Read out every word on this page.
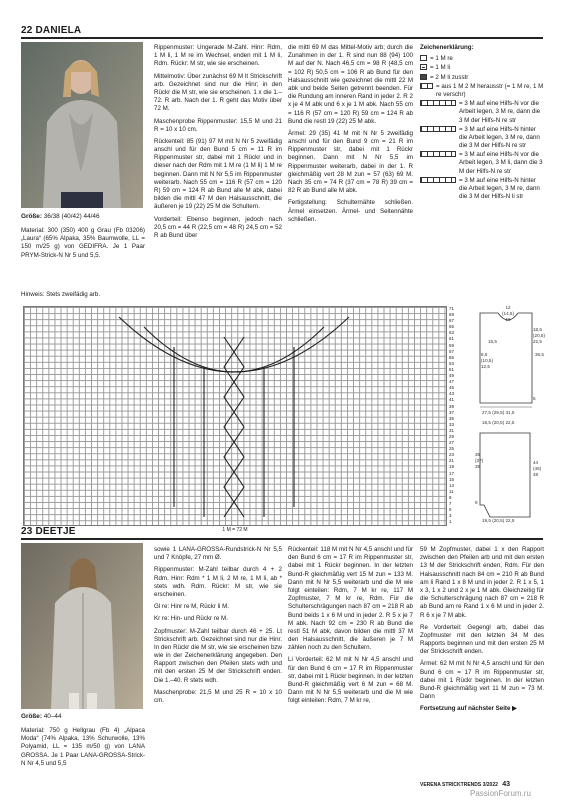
22 DANIELA
Größe: 36/38 (40/42) 44/46

Material: 300 (350) 400 g Grau (Fb 03206) „Laura“ (65% Alpaka, 35% Baumwolle, LL = 150 m/25 g) von GEDIFRA. Je 1 Paar PRYM-Strick-N Nr 5 und 5,5.

Hinweis: Stets zweifädig arb.

Rippenmuster: Ungerade M-Zahl. Hinr: Rdm, 1 M li, 1 M re im Wechsel, enden mit 1 M li, Rdm. Rückr: M str, wie sie erscheinen.

Mittelmotiv: Über zunächst 69 M lt Strickschrift arb. Gezeichnet sind nur die Hinr; in den Rückr die M str, wie sie erscheinen. 1 x die 1.–72. R arb. Nach der 1. R geht das Motiv über 72 M.

Maschenprobe Rippenmuster: 15,5 M und 21 R = 10 x 10 cm.

Rückenteil: 85 (91) 97 M mit N Nr 5 zweifädig anschl und für den Bund 5 cm = 11 R im Rippenmuster str, dabei mit 1 Rückr und in dieser nach der Rdm mit 1 M re (1 M li) 1 M re beginnen. Dann mit N Nr 5,5 im Rippenmuster weiterarb. Nach 55 cm = 116 R (57 cm = 120 R) 59 cm = 124 R ab Bund alle M abk, dabei bilden die mittl 47 M den Halsausschnitt, die äußeren je 19 (22) 25 M die Schultern.

Vorderteil: Ebenso beginnen, jedoch nach 20,5 cm = 44 R (22,5 cm = 48 R) 24,5 cm = 52 R ab Bund über

die mittl 69 M das Mittel-Motiv arb; durch die Zunahmen in der 1. R sind nun 88 (94) 100 M auf der N. Nach 46,5 cm = 98 R (48,5 cm = 102 R) 50,5 cm = 106 R ab Bund für den Halsausschnitt wie gezeichnet die mittl 22 M abk und beide Seiten getrennt beenden. Für die Rundung am inneren Rand in jeder 2. R 2 x je 4 M abk und 6 x je 1 M abk. Nach 55 cm = 116 R (57 cm = 120 R) 59 cm = 124 R ab Bund die restl 19 (22) 25 M abk.

Ärmel: 29 (35) 41 M mit N Nr 5 zweifädig anschl und für den Bund 9 cm = 21 R im Rippenmuster str, dabei mit 1 Rückr beginnen. Dann mit N Nr 5,5 im Rippenmuster weiterarb, dabei in der 1. R gleichmäßig vert 28 M zun = 57 (63) 69 M. Nach 35 cm = 74 R (37 cm = 78 R) 39 cm = 82 R ab Bund alle M abk.

Fertigstellung: Schulternähte schließen. Ärmel einsetzen. Ärmel- und Seitennähte schließen.

Zeichenerklärung:
= 1 M re
= 1 M li
= 2 M li zusstr
= aus 1 M 2 M herausstr (= 1 M re, 1 M re verschr)
= 3 M auf eine Hilfs-N vor die Arbeit legen, 3 M re, dann die 3 M der Hilfs-N re str
= 3 M auf eine Hilfs-N hinter die Arbeit legen, 3 M re, dann die 3 M der Hilfs-N re str
= 3 M auf eine Hilfs-N vor die Arbeit legen, 3 M li, dann die 3 M der Hilfs-N re str
= 3 M auf eine Hilfs-N hinter die Arbeit legen, 3 M re, dann die 3 M der Hilfs-N li str
71
69
67
65
63
61
59
57
55
53
51
49
47
45
43
41
39
37
35
33
31
29
27
25
23
21
19
17
15
13
11
9
7
5
3
1
1 M = 72 M
12
(14,5)
16
15,5
18,5
(20,5)
22,5
36,5
8,5
(10,5)
12,5
5
27,5 (29,5) 31,5
18,5 (20,5) 22,5
35
(37)
39
44
(46)
48
9
19,5 (20,5) 22,5
23 DEETJE
Größe: 40–44
Material: 750 g Hellgrau (Fb 4) „Alpaca Moda“ (74% Alpaka, 13% Schurwolle, 13% Polyamid, LL = 135 m/50 g) von LANA GROSSA. Je 1 Paar LANA-GROSSA-Strick-N Nr 4,5 und 5,5

sowie 1 LANA-GROSSA-Rundstrick-N Nr 5,5 und 7 Knöpfe, 27 mm Ø.

Rippenmuster: M-Zahl teilbar durch 4 + 2 Rdm. Hinr: Rdm * 1 M li, 2 M re, 1 M li, ab * stets wdh. Rdm. Rückr: M str, wie sie erscheinen.

Gl re: Hinr re M, Rückr li M.

Kr re: Hin- und Rückr re M.

Zopfmuster: M-Zahl teilbar durch 46 + 25. Lt Strickschrift arb. Gezeichnet sind nur die Hinr. In den Rückr die M str, wie sie erscheinen bzw wie in der Zeichenerklärung angegeben. Den Rapport zwischen den Pfeilen stets wdh und mit den ersten 25 M der Strickschrift enden. Die 1.–40. R stets wdh.

Maschenprobe: 21,5 M und 25 R = 10 x 10 cm.

Rückenteil: 118 M mit N Nr 4,5 anschl und für den Bund 6 cm = 17 R im Rippenmuster str, dabei mit 1 Rückr beginnen. In der letzten Bund-R gleichmäßig vert 15 M zun = 133 M. Dann mit N Nr 5,5 weiterarb und die M wie folgt einteilen: Rdm, 7 M kr re, 117 M Zopfmuster, 7 M kr re, Rdm. Für die Schulterschrägungen nach 87 cm = 218 R ab Bund beids 1 x 6 M und in jeder 2. R 5 x je 7 M abk. Nach 92 cm = 230 R ab Bund die restl 51 M abk, davon bilden die mittl 37 M den Halsausschnitt, die äußeren je 7 M zählen noch zu den Schultern.

Li Vorderteil: 62 M mit N Nr 4,5 anschl und für den Bund 6 cm = 17 R im Rippenmuster str, dabei mit 1 Rückr beginnen. In der letzten Bund-R gleichmäßig vert 6 M zun = 68 M. Dann mit N Nr 5,5 weiterarb und die M wie folgt einteilen: Rdm, 7 M kr re,

59 M Zopfmuster, dabei 1 x den Rapport zwischen den Pfeilen arb und mit den ersten 13 M der Strickschrift enden, Rdm. Für den Halsausschnitt nach 84 cm = 210 R ab Bund am li Rand 1 x 8 M und in jeder 2. R 1 x 5, 1 x 3, 1 x 2 und 2 x je 1 M abk. Gleichzeitig für die Schulterschrägung nach 87 cm = 218 R ab Bund am re Rand 1 x 6 M und in jeder 2. R 6 x je 7 M abk.

Re Vorderteil: Gegengl arb, dabei das Zopfmuster mit den letzten 34 M des Rapports beginnen und mit den ersten 25 M der Strickschrift enden.

Ärmel: 62 M mit N Nr 4,5 anschl und für den Bund 6 cm = 17 R im Rippenmuster str, dabei mit 1 Rückr beginnen. In der letzten Bund-R gleichmäßig vert 11 M zun = 73 M. Dann

Fortsetzung auf nächster Seite ▶

VERENA STRICKTRENDS 3/2022 43
PassionForum.ru
